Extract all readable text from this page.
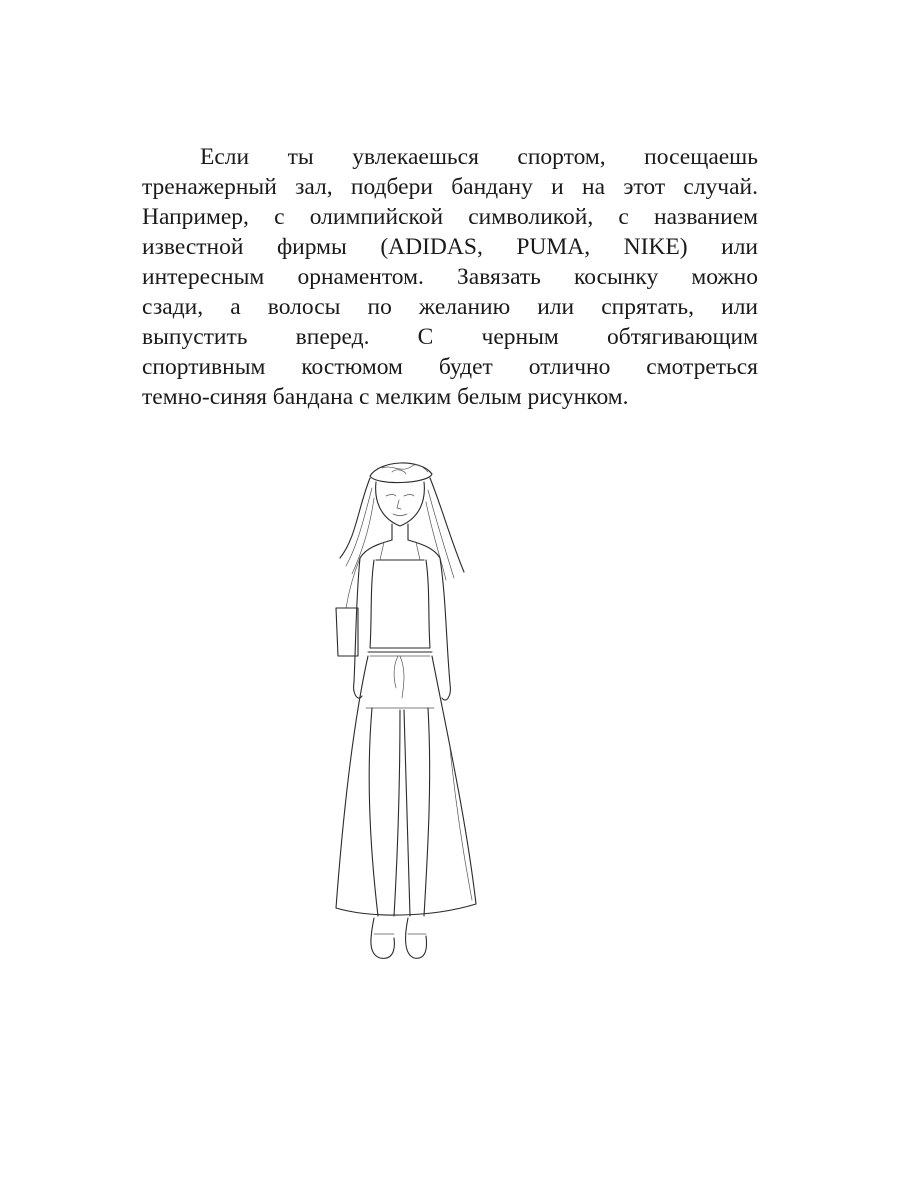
Если ты увлекаешься спортом, посещаешь
тренажерный зал, подбери бандану и на этот случай.
Например, с олимпийской символикой, с названием
известной фирмы (ADIDAS, PUMA, NIKE) или
интересным орнаментом. Завязать косынку можно
сзади, а волосы по желанию или спрятать, или
выпустить вперед. С черным обтягивающим
спортивным костюмом будет отлично смотреться
темно-синяя бандана с мелким белым рисунком.
